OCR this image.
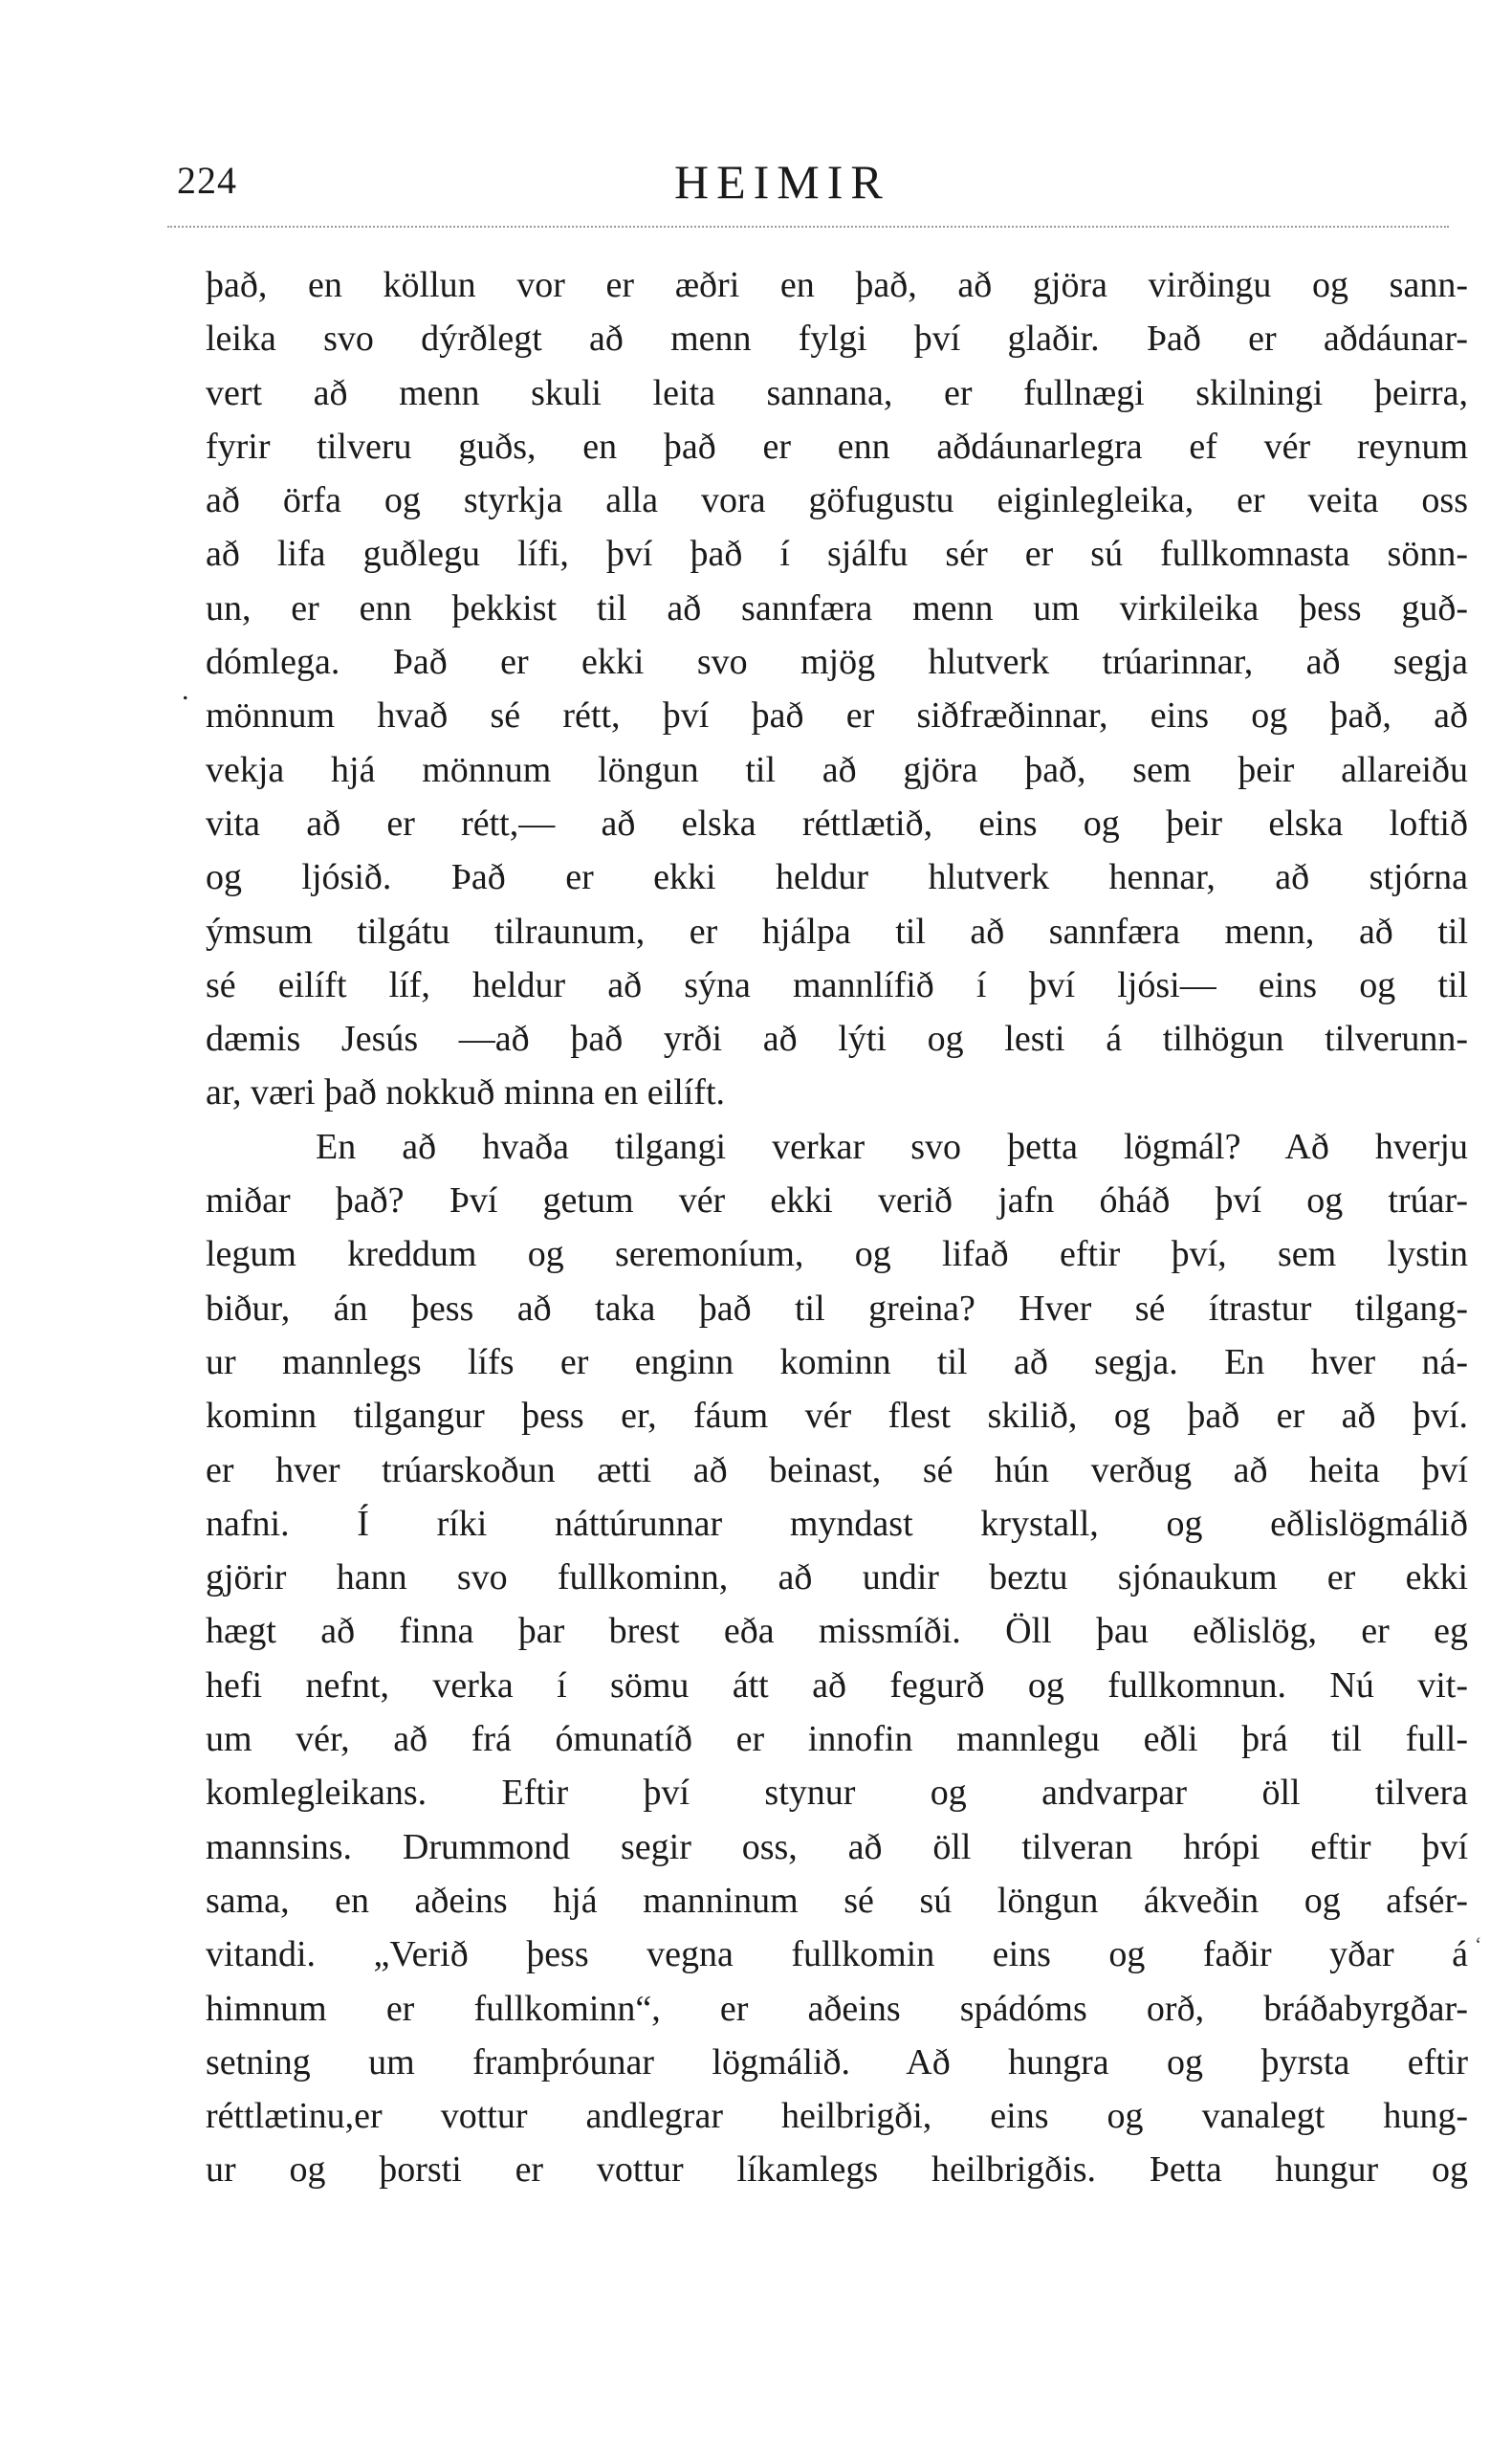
224	HEIMIR
.
‘
það, en köllun vor er æðri en það, að gjöra virðingu og sann-
leika svo dýrðlegt að menn fylgi því glaðir. Það er aðdáunar-
vert að menn skuli leita sannana, er fullnægi skilningi þeirra,
fyrir tilveru guðs, en það er enn aðdáunarlegra ef vér reynum
að örfa og styrkja alla vora göfugustu eiginlegleika, er veita oss
að lifa guðlegu lífi, því það í sjálfu sér er sú fullkomnasta sönn-
un, er enn þekkist til að sannfæra menn um virkileika þess guð-
dómlega. Það er ekki svo mjög hlutverk trúarinnar, að segja
mönnum hvað sé rétt, því það er siðfræðinnar, eins og það, að
vekja hjá mönnum löngun til að gjöra það, sem þeir allareiðu
vita að er rétt,— að elska réttlætið, eins og þeir elska loftið
og ljósið. Það er ekki heldur hlutverk hennar, að stjórna
ýmsum tilgátu tilraunum, er hjálpa til að sannfæra menn, að til
sé eilíft líf, heldur að sýna mannlífið í því ljósi— eins og til
dæmis Jesús —að það yrði að lýti og lesti á tilhögun tilverunn-
ar, væri það nokkuð minna en eilíft.
En að hvaða tilgangi verkar svo þetta lögmál? Að hverju
miðar það? Því getum vér ekki verið jafn óháð því og trúar-
legum kreddum og seremoníum, og lifað eftir því, sem lystin
biður, án þess að taka það til greina? Hver sé ítrastur tilgang-
ur mannlegs lífs er enginn kominn til að segja. En hver ná-
kominn tilgangur þess er, fáum vér flest skilið, og það er að því.
er hver trúarskoðun ætti að beinast, sé hún verðug að heita því
nafni. Í ríki náttúrunnar myndast krystall, og eðlislögmálið
gjörir hann svo fullkominn, að undir beztu sjónaukum er ekki
hægt að finna þar brest eða missmíði. Öll þau eðlislög, er eg
hefi nefnt, verka í sömu átt að fegurð og fullkomnun. Nú vit-
um vér, að frá ómunatíð er innofin mannlegu eðli þrá til full-
komlegleikans. Eftir því stynur og andvarpar öll tilvera
mannsins. Drummond segir oss, að öll tilveran hrópi eftir því
sama, en aðeins hjá manninum sé sú löngun ákveðin og afsér-
vitandi. „Verið þess vegna fullkomin eins og faðir yðar á
himnum er fullkominn“, er aðeins spádóms orð, bráðabyrgðar-
setning um framþróunar lögmálið. Að hungra og þyrsta eftir
réttlætinu,er vottur andlegrar heilbrigði, eins og vanalegt hung-
ur og þorsti er vottur líkamlegs heilbrigðis. Þetta hungur og
